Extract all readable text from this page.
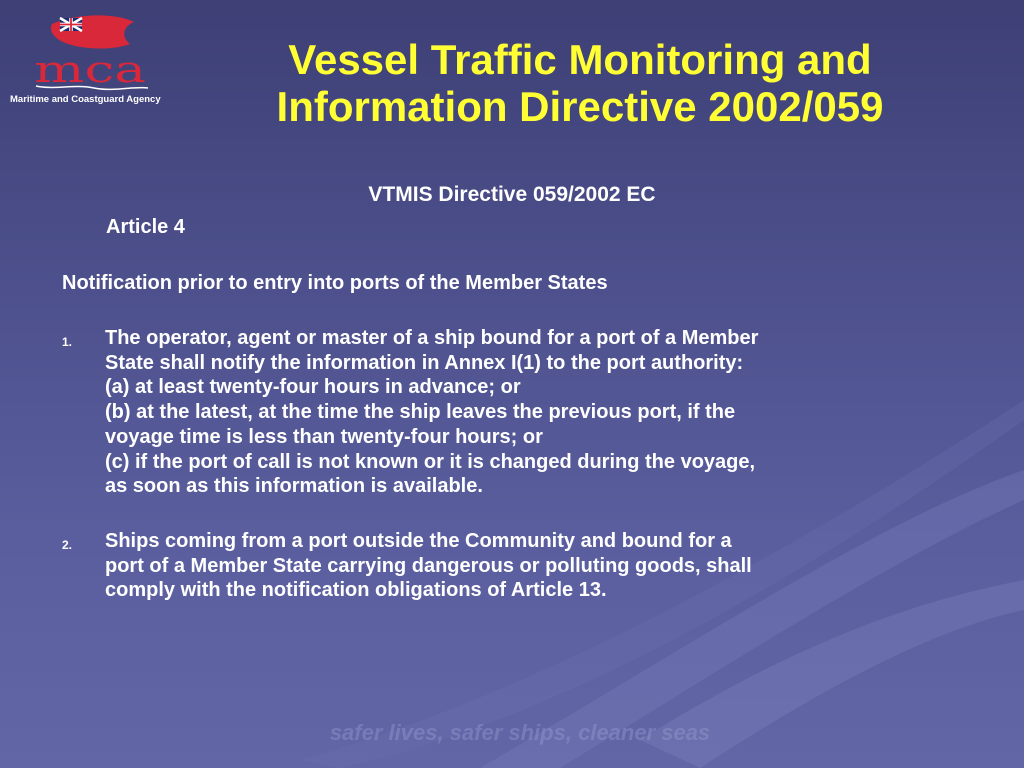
mca
Maritime and Coastguard Agency
Vessel Traffic Monitoring and Information Directive 2002/059
VTMIS Directive 059/2002 EC
Article 4
Notification prior to entry into ports of the Member States
1. The operator, agent or master of a ship bound for a port of a Member
State shall notify the information in Annex I(1) to the port authority:
(a) at least twenty-four hours in advance; or
(b) at the latest, at the time the ship leaves the previous port, if the
voyage time is less than twenty-four hours; or
(c) if the port of call is not known or it is changed during the voyage,
as soon as this information is available.
2. Ships coming from a port outside the Community and bound for a
port of a Member State carrying dangerous or polluting goods, shall
comply with the notification obligations of Article 13.
safer lives, safer ships, cleaner seas
